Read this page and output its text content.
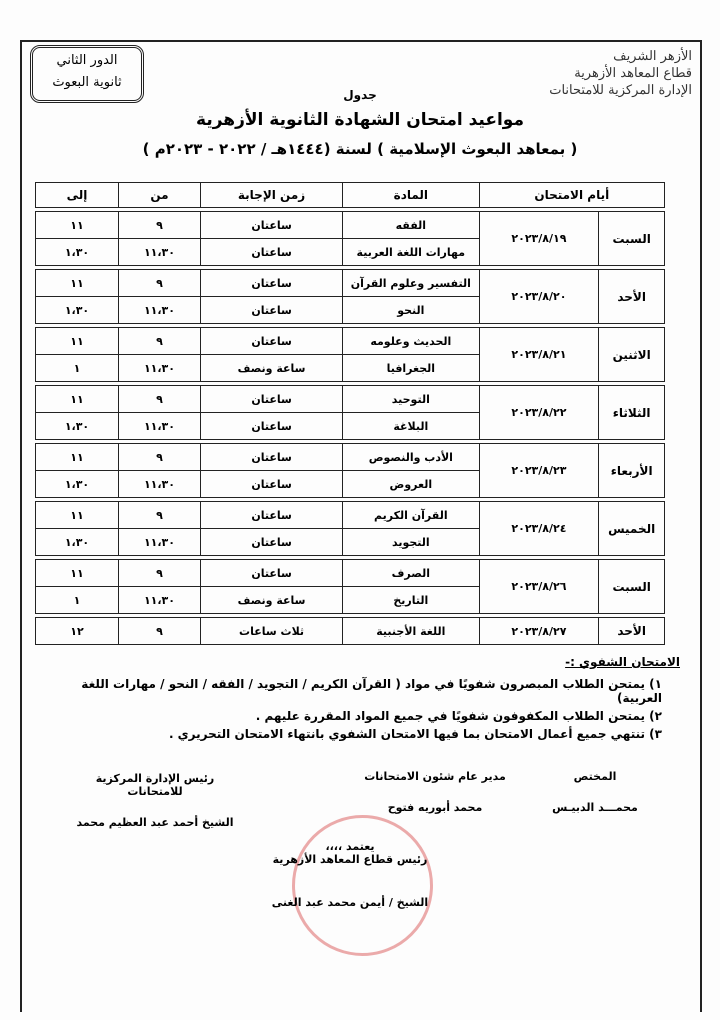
الأزهر الشريف
قطاع المعاهد الأزهرية
الإدارة المركزية للامتحانات
الدور الثاني
ثانوية البعوث
جدول
مواعيد امتحان الشهادة الثانوية الأزهرية
( بمعاهد البعوث الإسلامية ) لسنة (١٤٤٤هـ / ٢٠٢٢ - ٢٠٢٣م )
أيام الامتحان		المادة	زمن الإجابة	من	إلى

السبت	٢٠٢٣/٨/١٩	الفقه	ساعتان	٩	١١
		مهارات اللغة العربية	ساعتان	١١،٣٠	١،٣٠

الأحد	٢٠٢٣/٨/٢٠	التفسير وعلوم القرآن	ساعتان	٩	١١
		النحو	ساعتان	١١،٣٠	١،٣٠

الاثنين	٢٠٢٣/٨/٢١	الحديث وعلومه	ساعتان	٩	١١
		الجغرافيا	ساعة ونصف	١١،٣٠	١

الثلاثاء	٢٠٢٣/٨/٢٢	التوحيد	ساعتان	٩	١١
		البلاغة	ساعتان	١١،٣٠	١،٣٠

الأربعاء	٢٠٢٣/٨/٢٣	الأدب والنصوص	ساعتان	٩	١١
		العروض	ساعتان	١١،٣٠	١،٣٠

الخميس	٢٠٢٣/٨/٢٤	القرآن الكريم	ساعتان	٩	١١
		التجويد	ساعتان	١١،٣٠	١،٣٠

السبت	٢٠٢٣/٨/٢٦	الصرف	ساعتان	٩	١١
		التاريخ	ساعة ونصف	١١،٣٠	١

الأحد	٢٠٢٣/٨/٢٧	اللغة الأجنبية	ثلاث ساعات	٩	١٢
الامتحان الشفوي :-
١) يمتحن الطلاب المبصرون شفويًا في مواد ( القرآن الكريم / التجويد / الفقه / النحو / مهارات اللغة العربية)
٢) يمتحن الطلاب المكفوفون شفويًا في جميع المواد المقررة عليهم .
٣) تنتهي جميع أعمال الامتحان بما فيها الامتحان الشفوي بانتهاء الامتحان التحريري .
المختص
محمـــد الدبيـس
مدير عام شئون الامتحانات
محمد أبوريه فتوح
رئيس الإدارة المركزية للامتحانات
الشيخ أحمد عبد العظيم محمد
يعتمد ،،،،
رئيس قطاع المعاهد الأزهرية
الشيخ / أيمن محمد عبد الغنى
